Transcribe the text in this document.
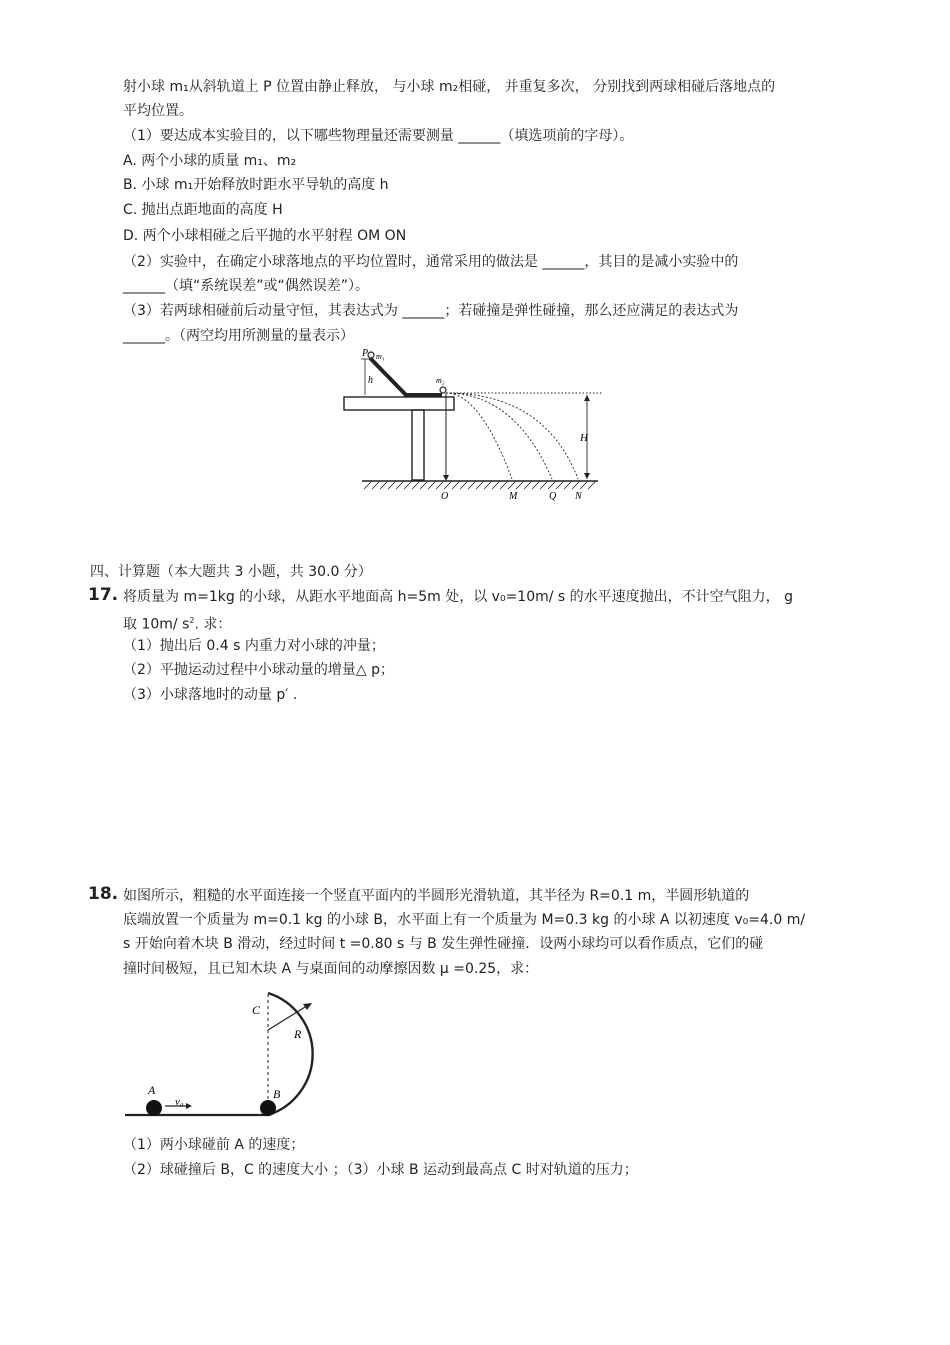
射小球 m₁从斜轨道上 P 位置由静止释放， 与小球 m₂相碰， 并重复多次， 分别找到两球相碰后落地点的
平均位置。
（1）要达成本实验目的，以下哪些物理量还需要测量 ______（填选项前的字母）。
A. 两个小球的质量 m₁、m₂
B. 小球 m₁开始释放时距水平导轨的高度 h
C. 抛出点距地面的高度 H
D. 两个小球相碰之后平抛的水平射程 OM ON
（2）实验中，在确定小球落地点的平均位置时，通常采用的做法是 ______，其目的是减小实验中的
______（填“系统误差”或“偶然误差”）。
（3）若两球相碰前后动量守恒，其表达式为 ______；若碰撞是弹性碰撞，那么还应满足的表达式为
______。（两空均用所测量的量表示）
P m₁
m₂
h
H
O	M	Q N
四、计算题（本大题共 3 小题，共 30.0 分）
17. 将质量为 m=1kg 的小球，从距水平地面高 h=5m 处，以 v₀=10m/ s 的水平速度抛出，不计空气阻力， g
取 10m/ $s^2$. 求：
（1）抛出后 0.4 s 内重力对小球的冲量；
（2）平抛运动过程中小球动量的增量△ p；
（3）小球落地时的动量 p′ .
18. 如图所示，粗糙的水平面连接一个竖直平面内的半圆形光滑轨道，其半径为 R=0.1 m，半圆形轨道的
底端放置一个质量为 m=0.1 kg 的小球 B，水平面上有一个质量为 M=0.3 kg 的小球 A 以初速度 v₀=4.0 m/
s 开始向着木块 B 滑动，经过时间 t =0.80 s 与 B 发生弹性碰撞．设两小球均可以看作质点，它们的碰
撞时间极短，且已知木块 A 与桌面间的动摩擦因数 μ =0.25，求：
A
v₀
B
C
R
（1）两小球碰前 A 的速度；
（2）球碰撞后 B，C 的速度大小 ；（3）小球 B 运动到最高点 C 时对轨道的压力；
